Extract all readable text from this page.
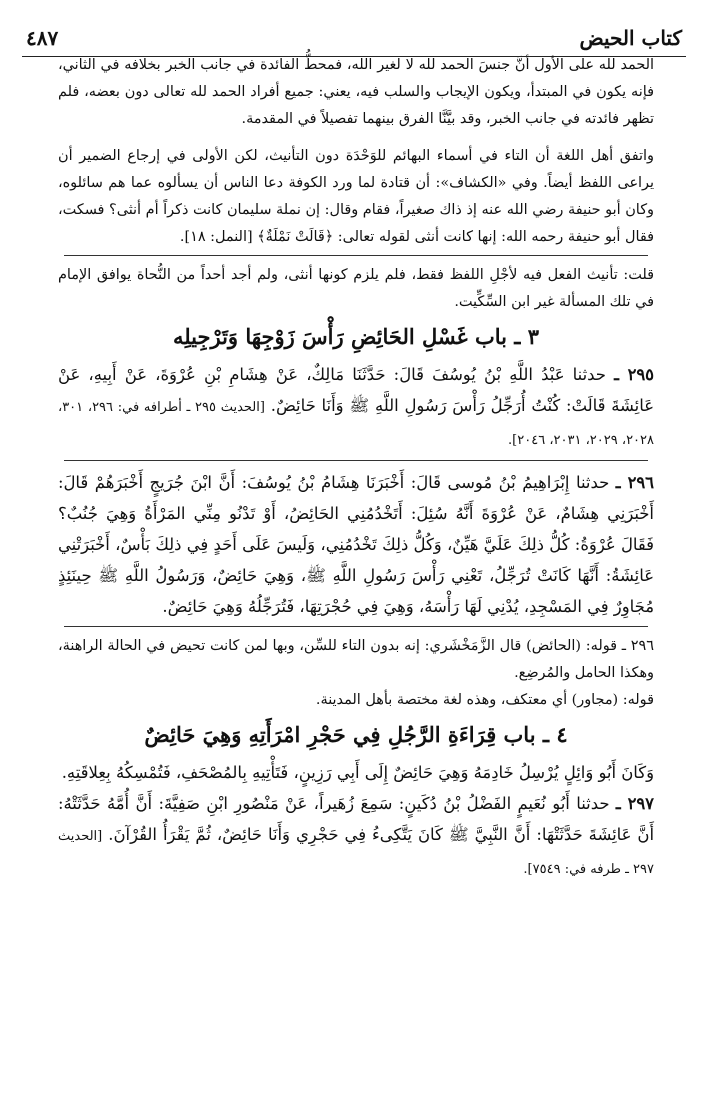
كتاب الحيض
٤٨٧

الحمد لله على الأول أنَّ جنسَ الحمد لله لا لغير الله، فمحطُّ الفائدة في جانب الخبر بخلافه في الثاني، فإنه يكون في المبتدأ، ويكون الإيجاب والسلب فيه، يعني: جميع أفراد الحمد لله تعالى دون بعضه، فلم تظهر فائدته في جانب الخبر، وقد بيَّنَّا الفرق بينهما تفصيلاً في المقدمة.

واتفق أهل اللغة أن التاء في أسماء البهائم للوَحْدَة دون التأنيث، لكن الأولى في إرجاع الضمير أن يراعى اللفظ أيضاً. وفي «الكشاف»: أن قتادة لما ورد الكوفة دعا الناس أن يسألوه عما هم سائلوه، وكان أبو حنيفة رضي الله عنه إذ ذاك صغيراً، فقام وقال: إن نملة سليمان كانت ذكراً أم أنثى؟ فسكت، فقال أبو حنيفة رحمه الله: إنها كانت أنثى لقوله تعالى: ﴿قَالَتْ نَمْلَةٌ﴾ [النمل: ١٨].

قلت: تأنيث الفعل فيه لأجْلِ اللفظ فقط، فلم يلزم كونها أنثى، ولم أجد أحداً من النُّحاة يوافق الإمام في تلك المسألة غير ابن السِّكِّيت.

٣ ـ باب غَسْلِ الحَائِضِ رَأْسَ زَوْجِهَا وَتَرْجِيلِه

٢٩٥ ـ حدثنا عَبْدُ اللَّهِ بْنُ يُوسُفَ قَالَ: حَدَّثَنَا مَالِكٌ، عَنْ هِشَامِ بْنِ عُرْوَةَ، عَنْ أَبِيهِ، عَنْ عَائِشَةَ قَالَتْ: كُنْتُ أُرَجِّلُ رَأْسَ رَسُولِ اللَّهِ ﷺ وَأَنَا حَائِضٌ. [الحديث ٢٩٥ ـ أطرافه في: ٢٩٦، ٣٠١، ٢٠٢٨، ٢٠٢٩، ٢٠٣١، ٢٠٤٦].

٢٩٦ ـ حدثنا إِبْرَاهِيمُ بْنُ مُوسى قَالَ: أَخْبَرَنَا هِشَامُ بْنُ يُوسُفَ: أَنَّ ابْنَ جُرَيجٍ أَخْبَرَهُمْ قَالَ: أَخْبَرَنِي هِشَامٌ، عَنْ عُرْوَةَ أَنَّهُ سُئِلَ: أَتَخْدُمُنِي الحَائِضُ، أَوْ تَدْنُو مِنِّي المَرْأَةُ وَهِيَ جُنُبٌ؟ فَقَالَ عُرْوَةُ: كُلُّ ذلِكَ عَلَيَّ هَيِّنٌ، وَكُلُّ ذلِكَ تَخْدُمُنِي، وَلَيسَ عَلَى أَحَدٍ فِي ذلِكَ بَأْسٌ، أَخْبَرَتْنِي عَائِشَةُ: أَنَّهَا كَانَتْ تُرَجِّلُ، تَعْنِي رَأْسَ رَسُولِ اللَّهِ ﷺ، وَهِيَ حَائِضٌ، وَرَسُولُ اللَّهِ ﷺ حِينَئِذٍ مُجَاوِرٌ فِي المَسْجِدِ، يُدْنِي لَهَا رَأْسَهُ، وَهِيَ فِي حُجْرَتِهَا، فَتُرَجِّلُهُ وَهِيَ حَائِضٌ.

٢٩٦ ـ قوله: (الحائض) قال الزَّمَخْشَري: إنه بدون التاء للسِّن، وبها لمن كانت تحيض في الحالة الراهنة، وهكذا الحامل والمُرضِع.

قوله: (مجاور) أي معتكف، وهذه لغة مختصة بأهل المدينة.

٤ ـ باب قِرَاءَةِ الرَّجُلِ فِي حَجْرِ امْرَأَتِهِ وَهِيَ حَائِضٌ

وَكَانَ أَبُو وَائِلٍ يُرْسِلُ خَادِمَهُ وَهِيَ حَائِضٌ إِلَى أَبِي رَزِينٍ، فَتَأْتِيهِ بِالمُصْحَفِ، فَتُمْسِكُهُ بِعِلاقَتِهِ.

٢٩٧ ـ حدثنا أَبُو نُعَيمٍ الفَضْلُ بْنُ دُكَينٍ: سَمِعَ زُهَيراً، عَنْ مَنْصُورِ ابْنِ صَفِيَّةَ: أَنَّ أُمَّهُ حَدَّثَتْهُ: أَنَّ عَائِشَةَ حَدَّثَتْهَا: أَنَّ النَّبِيَّ ﷺ كَانَ يَتَّكِىءُ فِي حَجْرِي وَأَنَا حَائِضٌ، ثُمَّ يَقْرَأُ القُرْآنَ. [الحديث ٢٩٧ ـ طرفه في: ٧٥٤٩].
